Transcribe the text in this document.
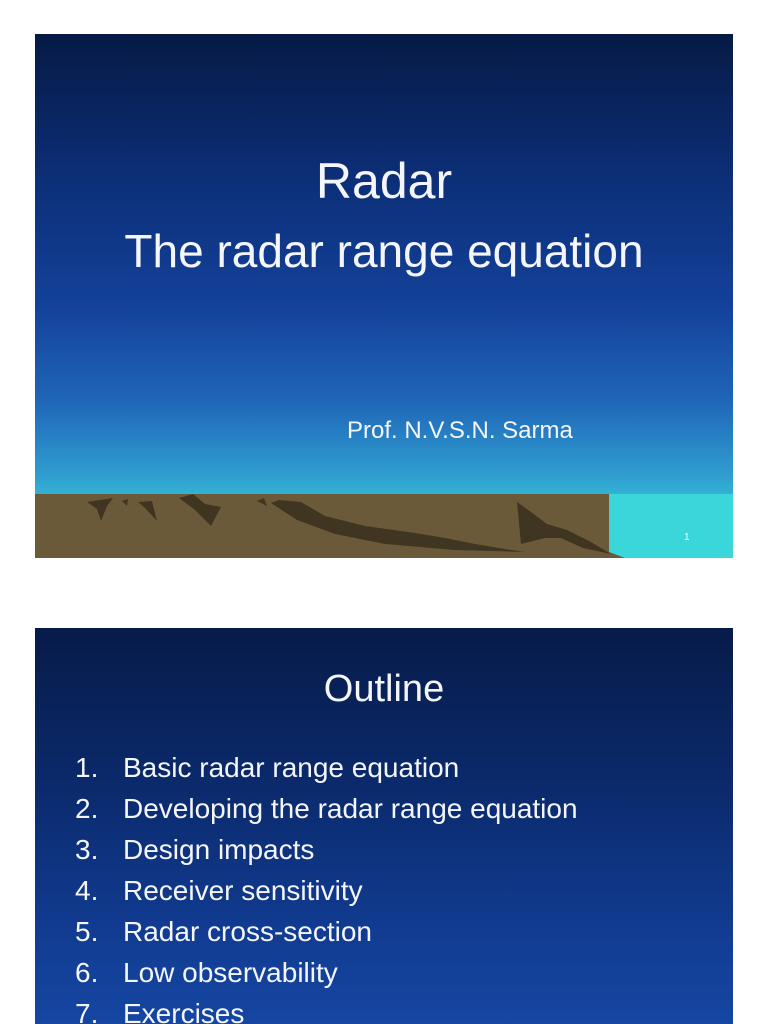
Radar
The radar range equation
Prof. N.V.S.N. Sarma
1
Outline
1. Basic radar range equation
2. Developing the radar range equation
3. Design impacts
4. Receiver sensitivity
5. Radar cross-section
6. Low observability
7. Exercises
